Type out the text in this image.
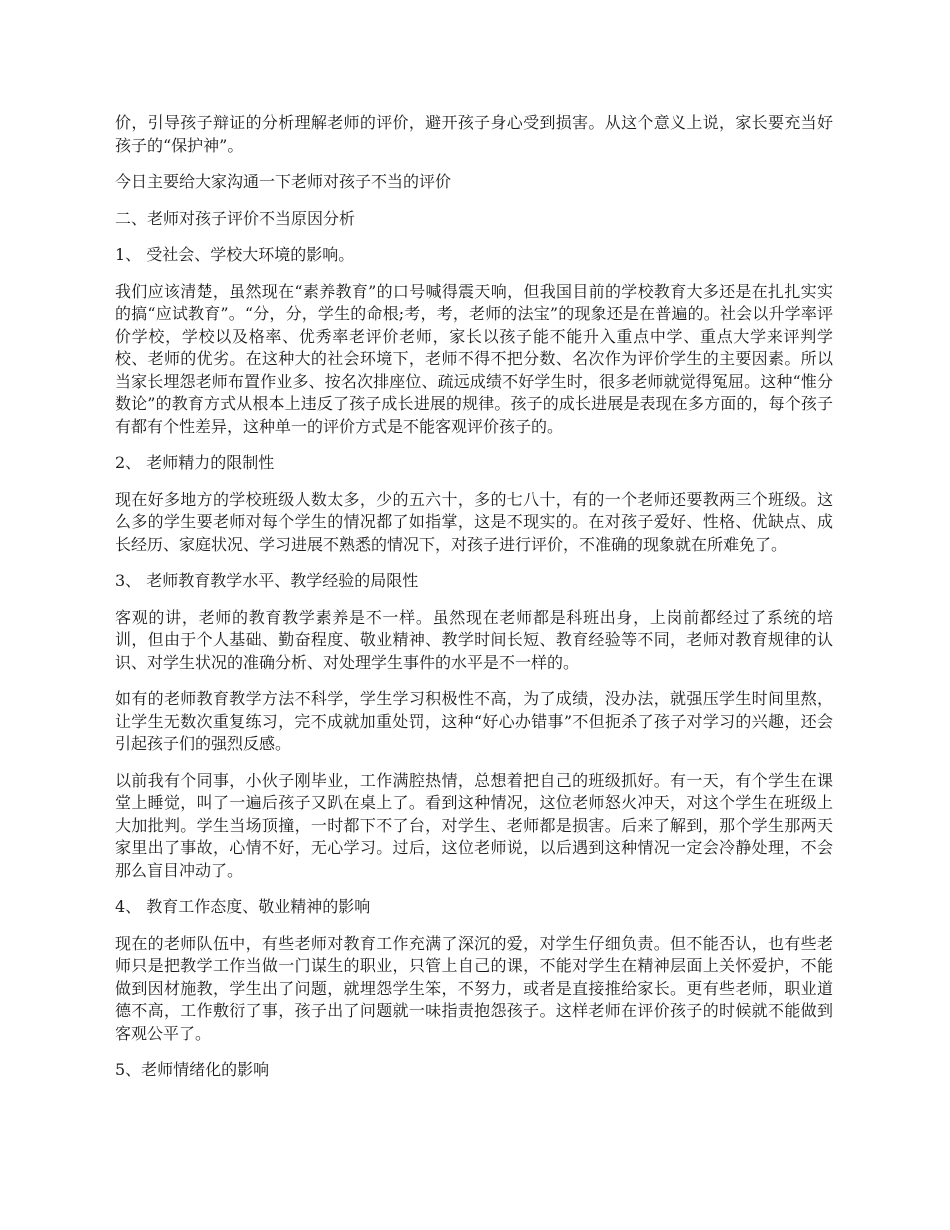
价，引导孩子辩证的分析理解老师的评价，避开孩子身心受到损害。从这个意义上说，家长要充当好孩子的“保护神”。

今日主要给大家沟通一下老师对孩子不当的评价

二、老师对孩子评价不当原因分析

1、 受社会、学校大环境的影响。

我们应该清楚，虽然现在“素养教育”的口号喊得震天响，但我国目前的学校教育大多还是在扎扎实实的搞“应试教育”。“分，分，学生的命根;考，考，老师的法宝”的现象还是在普遍的。社会以升学率评价学校，学校以及格率、优秀率老评价老师，家长以孩子能不能升入重点中学、重点大学来评判学校、老师的优劣。在这种大的社会环境下，老师不得不把分数、名次作为评价学生的主要因素。所以当家长埋怨老师布置作业多、按名次排座位、疏远成绩不好学生时，很多老师就觉得冤屈。这种“惟分数论”的教育方式从根本上违反了孩子成长进展的规律。孩子的成长进展是表现在多方面的，每个孩子有都有个性差异，这种单一的评价方式是不能客观评价孩子的。

2、 老师精力的限制性

现在好多地方的学校班级人数太多，少的五六十，多的七八十，有的一个老师还要教两三个班级。这么多的学生要老师对每个学生的情况都了如指掌，这是不现实的。在对孩子爱好、性格、优缺点、成长经历、家庭状况、学习进展不熟悉的情况下，对孩子进行评价，不准确的现象就在所难免了。

3、 老师教育教学水平、教学经验的局限性

客观的讲，老师的教育教学素养是不一样。虽然现在老师都是科班出身，上岗前都经过了系统的培训，但由于个人基础、勤奋程度、敬业精神、教学时间长短、教育经验等不同，老师对教育规律的认识、对学生状况的准确分析、对处理学生事件的水平是不一样的。

如有的老师教育教学方法不科学，学生学习积极性不高，为了成绩，没办法，就强压学生时间里熬，让学生无数次重复练习，完不成就加重处罚，这种“好心办错事”不但扼杀了孩子对学习的兴趣，还会引起孩子们的强烈反感。

以前我有个同事，小伙子刚毕业，工作满腔热情，总想着把自己的班级抓好。有一天，有个学生在课堂上睡觉，叫了一遍后孩子又趴在桌上了。看到这种情况，这位老师怒火冲天，对这个学生在班级上大加批判。学生当场顶撞，一时都下不了台，对学生、老师都是损害。后来了解到，那个学生那两天家里出了事故，心情不好，无心学习。过后，这位老师说，以后遇到这种情况一定会冷静处理，不会那么盲目冲动了。

4、 教育工作态度、敬业精神的影响

现在的老师队伍中，有些老师对教育工作充满了深沉的爱，对学生仔细负责。但不能否认，也有些老师只是把教学工作当做一门谋生的职业，只管上自己的课，不能对学生在精神层面上关怀爱护，不能做到因材施教，学生出了问题，就埋怨学生笨，不努力，或者是直接推给家长。更有些老师，职业道德不高，工作敷衍了事，孩子出了问题就一味指责抱怨孩子。这样老师在评价孩子的时候就不能做到客观公平了。

5、老师情绪化的影响
